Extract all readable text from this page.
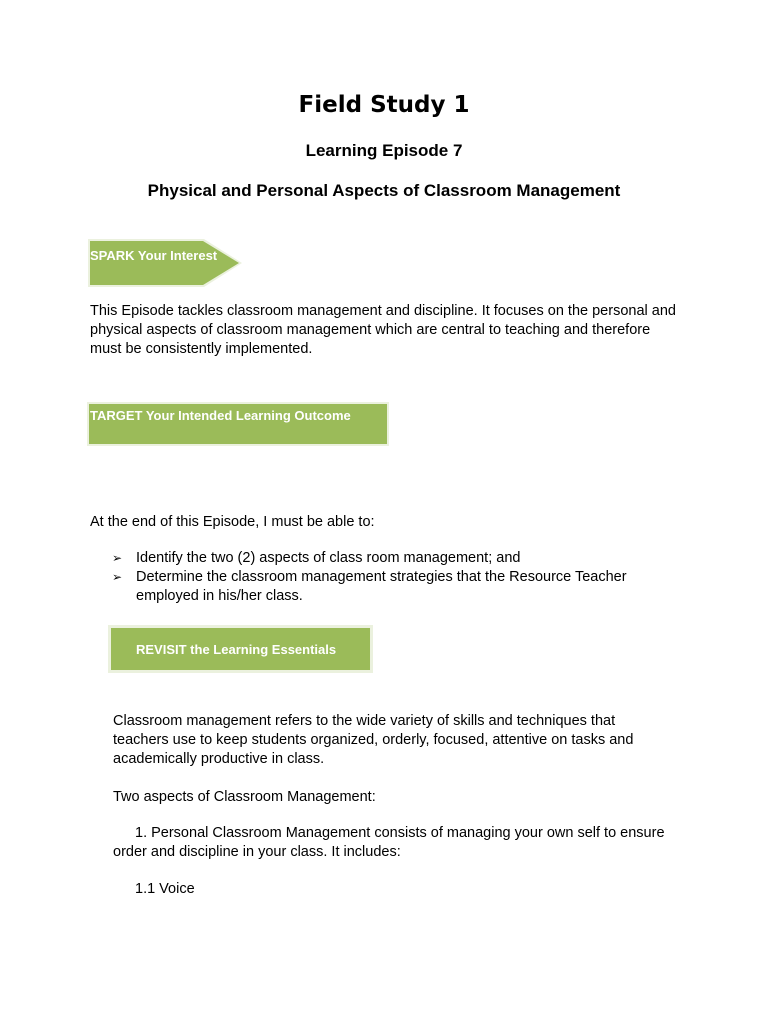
Field Study 1
Learning Episode 7
Physical and Personal Aspects of Classroom Management
SPARK Your Interest
This Episode tackles classroom management and discipline. It focuses on the personal and physical aspects of classroom management which are central to teaching and therefore must be consistently implemented.
TARGET Your Intended Learning Outcome
At the end of this Episode, I must be able to:
➢ Identify the two (2) aspects of class room management; and
➢ Determine the classroom management strategies that the Resource Teacher employed in his/her class.
REVISIT the Learning Essentials
Classroom management refers to the wide variety of skills and techniques that teachers use to keep students organized, orderly, focused, attentive on tasks and academically productive in class.
Two aspects of Classroom Management:
1. Personal Classroom Management consists of managing your own self to ensure order and discipline in your class. It includes:
1.1 Voice
